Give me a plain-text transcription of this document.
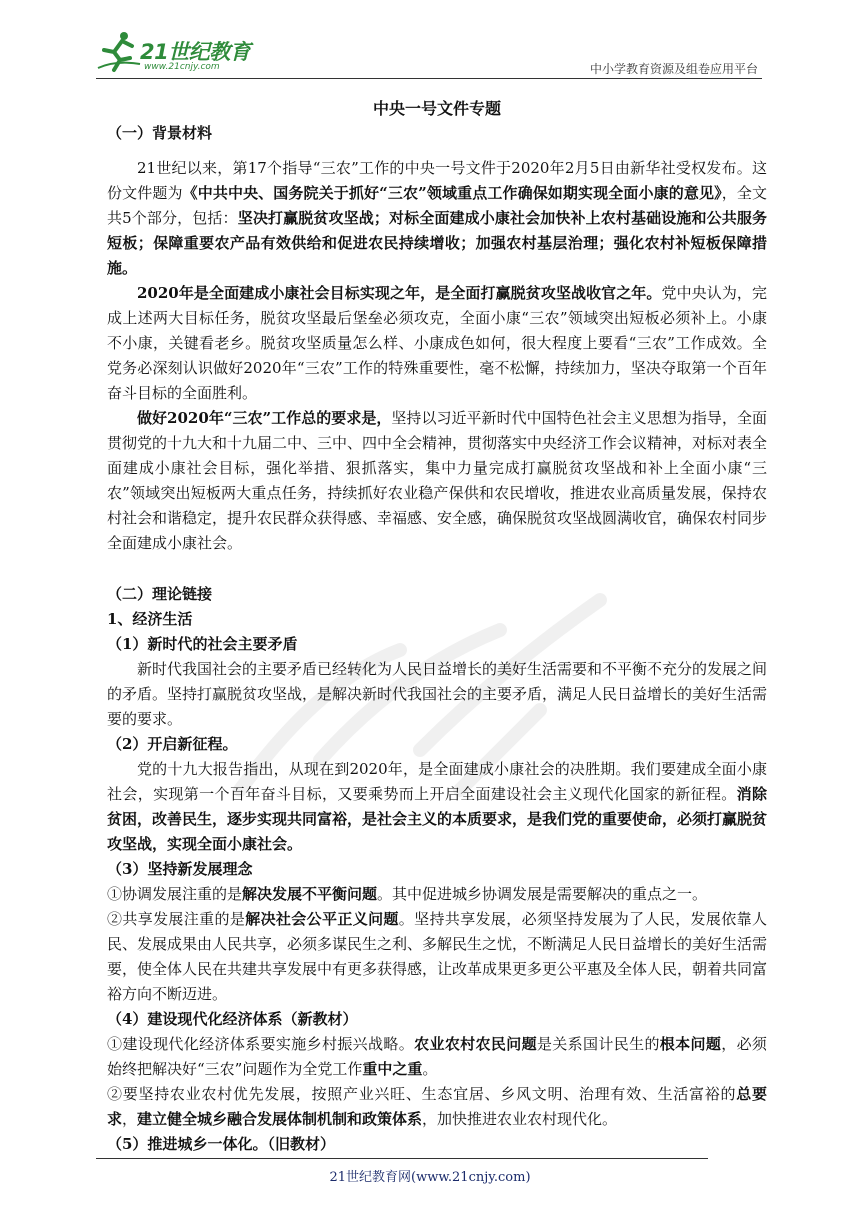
21世纪教育
www.21cnjy.com	中小学教育资源及组卷应用平台
中央一号文件专题
（一）背景材料

21世纪以来，第17个指导“三农”工作的中央一号文件于2020年2月5日由新华社受权发布。这份文件题为《中共中央、国务院关于抓好“三农”领域重点工作确保如期实现全面小康的意见》，全文共5个部分，包括：坚决打赢脱贫攻坚战；对标全面建成小康社会加快补上农村基础设施和公共服务短板；保障重要农产品有效供给和促进农民持续增收；加强农村基层治理；强化农村补短板保障措施。

2020年是全面建成小康社会目标实现之年，是全面打赢脱贫攻坚战收官之年。党中央认为，完成上述两大目标任务，脱贫攻坚最后堡垒必须攻克，全面小康“三农”领域突出短板必须补上。小康不小康，关键看老乡。脱贫攻坚质量怎么样、小康成色如何，很大程度上要看“三农”工作成效。全党务必深刻认识做好2020年“三农”工作的特殊重要性，毫不松懈，持续加力，坚决夺取第一个百年奋斗目标的全面胜利。

做好2020年“三农”工作总的要求是，坚持以习近平新时代中国特色社会主义思想为指导，全面贯彻党的十九大和十九届二中、三中、四中全会精神，贯彻落实中央经济工作会议精神，对标对表全面建成小康社会目标，强化举措、狠抓落实，集中力量完成打赢脱贫攻坚战和补上全面小康“三农”领域突出短板两大重点任务，持续抓好农业稳产保供和农民增收，推进农业高质量发展，保持农村社会和谐稳定，提升农民群众获得感、幸福感、安全感，确保脱贫攻坚战圆满收官，确保农村同步全面建成小康社会。

（二）理论链接
1、经济生活
（1）新时代的社会主要矛盾

新时代我国社会的主要矛盾已经转化为人民日益增长的美好生活需要和不平衡不充分的发展之间的矛盾。坚持打赢脱贫攻坚战，是解决新时代我国社会的主要矛盾，满足人民日益增长的美好生活需要的要求。

（2）开启新征程。

党的十九大报告指出，从现在到2020年，是全面建成小康社会的决胜期。我们要建成全面小康社会，实现第一个百年奋斗目标，又要乘势而上开启全面建设社会主义现代化国家的新征程。消除贫困，改善民生，逐步实现共同富裕，是社会主义的本质要求，是我们党的重要使命，必须打赢脱贫攻坚战，实现全面小康社会。

（3）坚持新发展理念

①协调发展注重的是解决发展不平衡问题。其中促进城乡协调发展是需要解决的重点之一。

②共享发展注重的是解决社会公平正义问题。坚持共享发展，必须坚持发展为了人民，发展依靠人民、发展成果由人民共享，必须多谋民生之利、多解民生之忧，不断满足人民日益增长的美好生活需要，使全体人民在共建共享发展中有更多获得感，让改革成果更多更公平惠及全体人民，朝着共同富裕方向不断迈进。

（4）建设现代化经济体系（新教材）

①建设现代化经济体系要实施乡村振兴战略。农业农村农民问题是关系国计民生的根本问题，必须始终把解决好“三农”问题作为全党工作重中之重。

②要坚持农业农村优先发展，按照产业兴旺、生态宜居、乡风文明、治理有效、生活富裕的总要求，建立健全城乡融合发展体制机制和政策体系，加快推进农业农村现代化。

（5）推进城乡一体化。（旧教材）
21世纪教育网(www.21cnjy.com)
